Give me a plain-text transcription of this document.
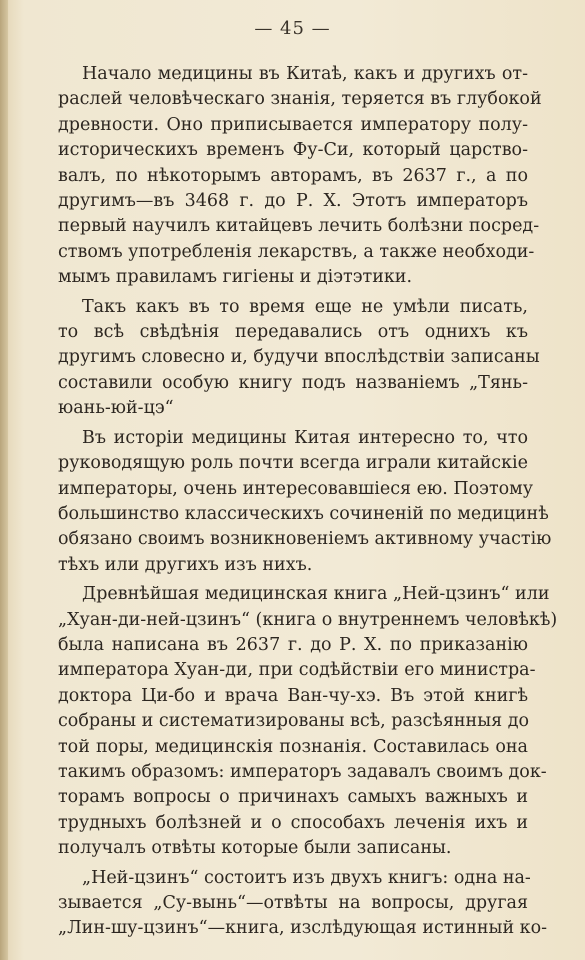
— 45 —
Начало медицины въ Китаѣ, какъ и другихъ от-
раслей человѣческаго знанія, теряется въ глубокой
древности. Оно приписывается императору полу-
историческихъ временъ Фу-Си, который царство-
валъ, по нѣкоторымъ авторамъ, въ 2637 г., а по
другимъ—въ 3468 г. до Р. Х. Этотъ императоръ
первый научилъ китайцевъ лечить болѣзни посред-
ствомъ употребленія лекарствъ, а также необходи-
мымъ правиламъ гигіены и діэтэтики.
Такъ какъ въ то время еще не умѣли писать,
то всѣ свѣдѣнія передавались отъ однихъ къ
другимъ словесно и, будучи впослѣдствіи записаны
составили особую книгу подъ названіемъ „Тянь-
юань-юй-цэ“
Въ исторіи медицины Китая интересно то, что
руководящую роль почти всегда играли китайскіе
императоры, очень интересовавшіеся ею. Поэтому
большинство классическихъ сочиненій по медицинѣ
обязано своимъ возникновеніемъ активному участію
тѣхъ или другихъ изъ нихъ.
Древнѣйшая медицинская книга „Ней-цзинъ“ или
„Хуан-ди-ней-цзинъ“ (книга о внутреннемъ человѣкѣ)
была написана въ 2637 г. до Р. Х. по приказанію
императора Хуан-ди, при содѣйствіи его министра-
доктора Ци-бо и врача Ван-чу-хэ. Въ этой книгѣ
собраны и систематизированы всѣ, разсѣянныя до
той поры, медицинскія познанія. Составилась она
такимъ образомъ: императоръ задавалъ своимъ док-
торамъ вопросы о причинахъ самыхъ важныхъ и
трудныхъ болѣзней и о способахъ леченія ихъ и
получалъ отвѣты которые были записаны.
„Ней-цзинъ“ состоитъ изъ двухъ книгъ: одна на-
зывается „Су-вынь“—отвѣты на вопросы, другая
„Лин-шу-цзинъ“—книга, изслѣдующая истинный ко-
